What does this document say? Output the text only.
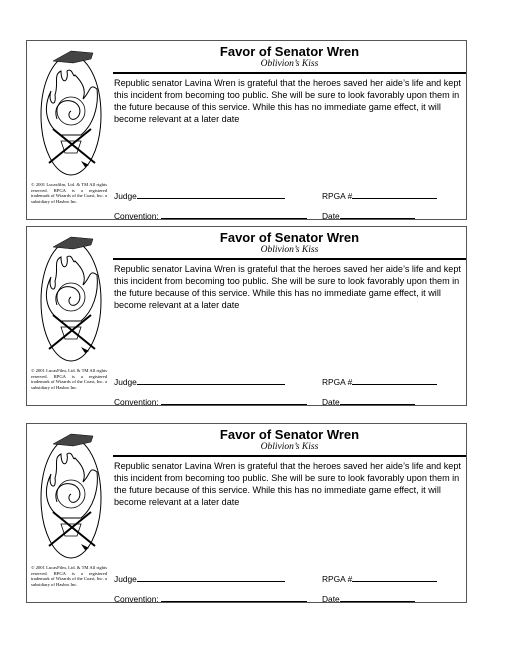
© 2001 Lucasfilm, Ltd. & TM All rights reserved. RPGA is a registered trademark of Wizards of the Coast, Inc. a subsidiary of Hasbro Inc.
Favor of Senator Wren
Oblivion’s Kiss
Republic senator Lavina Wren is grateful that the heroes saved her aide’s life and kept this incident from becoming too public. She will be sure to look favorably upon them in the future because of this service. While this has no immediate game effect, it will become relevant at a later date
Judge	RPGA #
Convention:	Date
© 2001 LucasFilm, Ltd. & TM All rights reserved. RPGA is a registered trademark of Wizards of the Coast, Inc. a subsidiary of Hasbro Inc.
Favor of Senator Wren
Oblivion’s Kiss
Republic senator Lavina Wren is grateful that the heroes saved her aide’s life and kept this incident from becoming too public. She will be sure to look favorably upon them in the future because of this service. While this has no immediate game effect, it will become relevant at a later date
Judge	RPGA #
Convention:	Date
© 2001 LucasFilm, Ltd. & TM All rights reserved. RPGA is a registered trademark of Wizards of the Coast, Inc. a subsidiary of Hasbro Inc.
Favor of Senator Wren
Oblivion’s Kiss
Republic senator Lavina Wren is grateful that the heroes saved her aide’s life and kept this incident from becoming too public. She will be sure to look favorably upon them in the future because of this service. While this has no immediate game effect, it will become relevant at a later date
Judge	RPGA #
Convention:	Date
